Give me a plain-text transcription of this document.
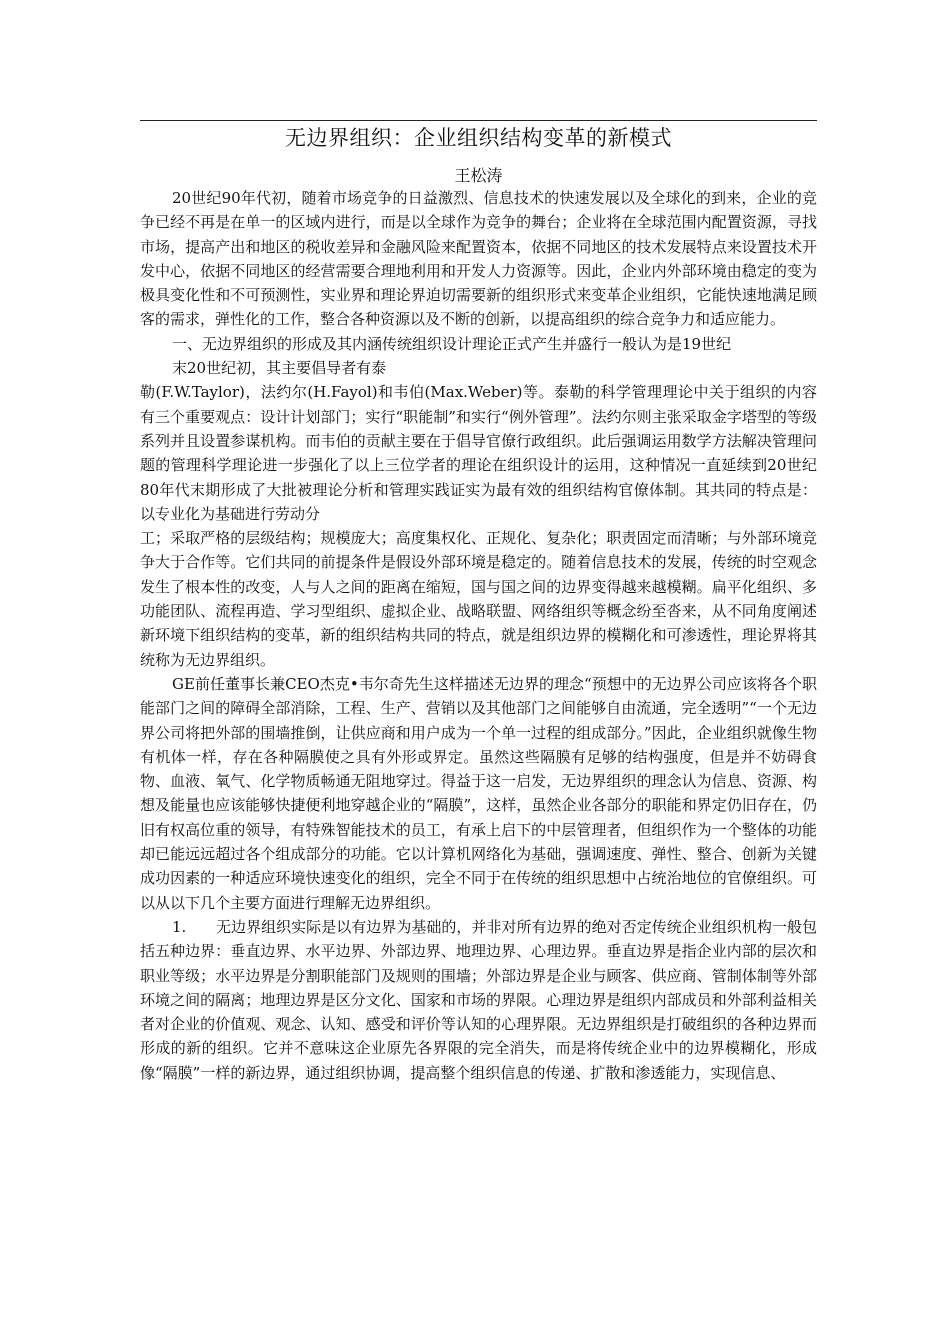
无边界组织：企业组织结构变革的新模式
王松涛

20世纪90年代初，随着市场竞争的日益激烈、信息技术的快速发展以及全球化的到来，企业的竞争已经不再是在单一的区域内进行，而是以全球作为竞争的舞台；企业将在全球范围内配置资源，寻找市场，提高产出和地区的税收差异和金融风险来配置资本，依据不同地区的技术发展特点来设置技术开发中心，依据不同地区的经营需要合理地利用和开发人力资源等。因此，企业内外部环境由稳定的变为极具变化性和不可预测性，实业界和理论界迫切需要新的组织形式来变革企业组织，它能快速地满足顾客的需求，弹性化的工作，整合各种资源以及不断的创新，以提高组织的综合竞争力和适应能力。

一、无边界组织的形成及其内涵传统组织设计理论正式产生并盛行一般认为是19世纪

末20世纪初，其主要倡导者有泰

勒(F.W.Taylor)，法约尔(H.Fayol)和韦伯(Max.Weber)等。泰勒的科学管理理论中关于组织的内容有三个重要观点：设计计划部门；实行“职能制”和实行“例外管理”。法约尔则主张采取金字塔型的等级系列并且设置参谋机构。而韦伯的贡献主要在于倡导官僚行政组织。此后强调运用数学方法解决管理问题的管理科学理论进一步强化了以上三位学者的理论在组织设计的运用，这种情况一直延续到20世纪80年代末期形成了大批被理论分析和管理实践证实为最有效的组织结构官僚体制。其共同的特点是：以专业化为基础进行劳动分

工；采取严格的层级结构；规模庞大；高度集权化、正规化、复杂化；职责固定而清晰；与外部环境竞争大于合作等。它们共同的前提条件是假设外部环境是稳定的。随着信息技术的发展，传统的时空观念发生了根本性的改变，人与人之间的距离在缩短，国与国之间的边界变得越来越模糊。扁平化组织、多功能团队、流程再造、学习型组织、虚拟企业、战略联盟、网络组织等概念纷至沓来，从不同角度阐述新环境下组织结构的变革，新的组织结构共同的特点，就是组织边界的模糊化和可渗透性，理论界将其统称为无边界组织。

GE前任董事长兼CEO杰克•韦尔奇先生这样描述无边界的理念“预想中的无边界公司应该将各个职能部门之间的障碍全部消除，工程、生产、营销以及其他部门之间能够自由流通，完全透明”“一个无边界公司将把外部的围墙推倒，让供应商和用户成为一个单一过程的组成部分。”因此，企业组织就像生物有机体一样，存在各种隔膜使之具有外形或界定。虽然这些隔膜有足够的结构强度，但是并不妨碍食物、血液、氧气、化学物质畅通无阻地穿过。得益于这一启发，无边界组织的理念认为信息、资源、构想及能量也应该能够快捷便利地穿越企业的“隔膜”，这样，虽然企业各部分的职能和界定仍旧存在，仍旧有权高位重的领导，有特殊智能技术的员工，有承上启下的中层管理者，但组织作为一个整体的功能却已能远远超过各个组成部分的功能。它以计算机网络化为基础，强调速度、弹性、整合、创新为关键成功因素的一种适应环境快速变化的组织，完全不同于在传统的组织思想中占统治地位的官僚组织。可以从以下几个主要方面进行理解无边界组织。

1. 无边界组织实际是以有边界为基础的，并非对所有边界的绝对否定传统企业组织机构一般包括五种边界：垂直边界、水平边界、外部边界、地理边界、心理边界。垂直边界是指企业内部的层次和职业等级；水平边界是分割职能部门及规则的围墙；外部边界是企业与顾客、供应商、管制体制等外部环境之间的隔离；地理边界是区分文化、国家和市场的界限。心理边界是组织内部成员和外部利益相关者对企业的价值观、观念、认知、感受和评价等认知的心理界限。无边界组织是打破组织的各种边界而形成的新的组织。它并不意味这企业原先各界限的完全消失，而是将传统企业中的边界模糊化，形成像“隔膜”一样的新边界，通过组织协调，提高整个组织信息的传递、扩散和渗透能力，实现信息、
